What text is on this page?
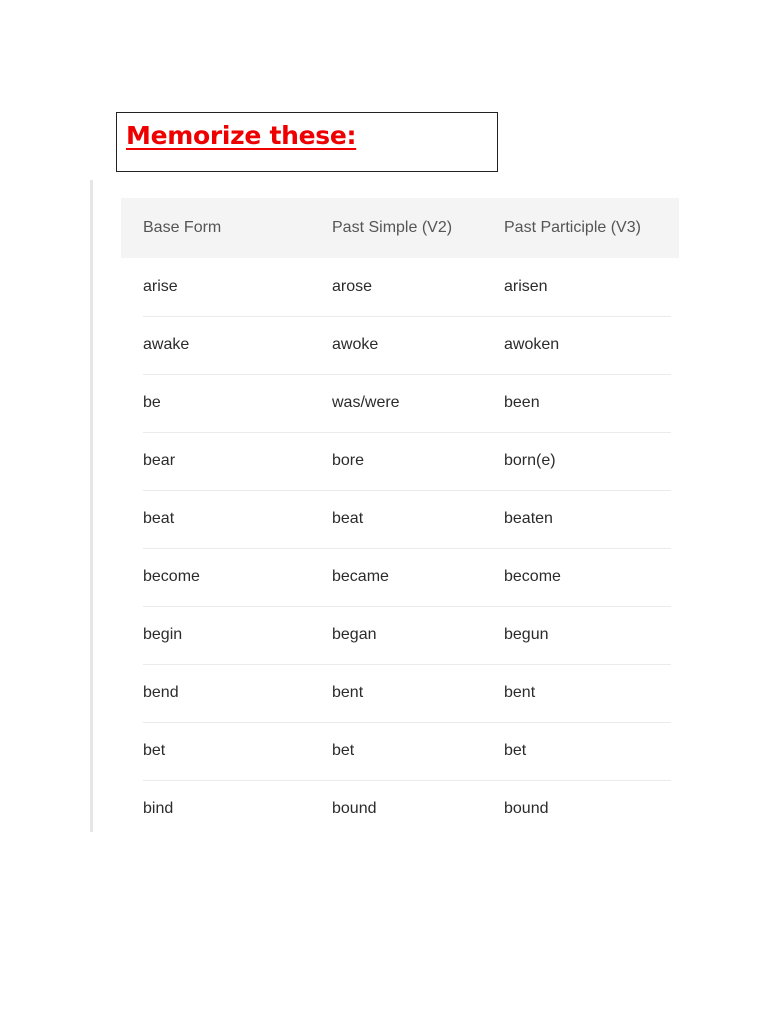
Memorize these:
Base Form	Past Simple (V2)	Past Participle (V3)
arise	arose	arisen
awake	awoke	awoken
be	was/were	been
bear	bore	born(e)
beat	beat	beaten
become	became	become
begin	began	begun
bend	bent	bent
bet	bet	bet
bind	bound	bound
